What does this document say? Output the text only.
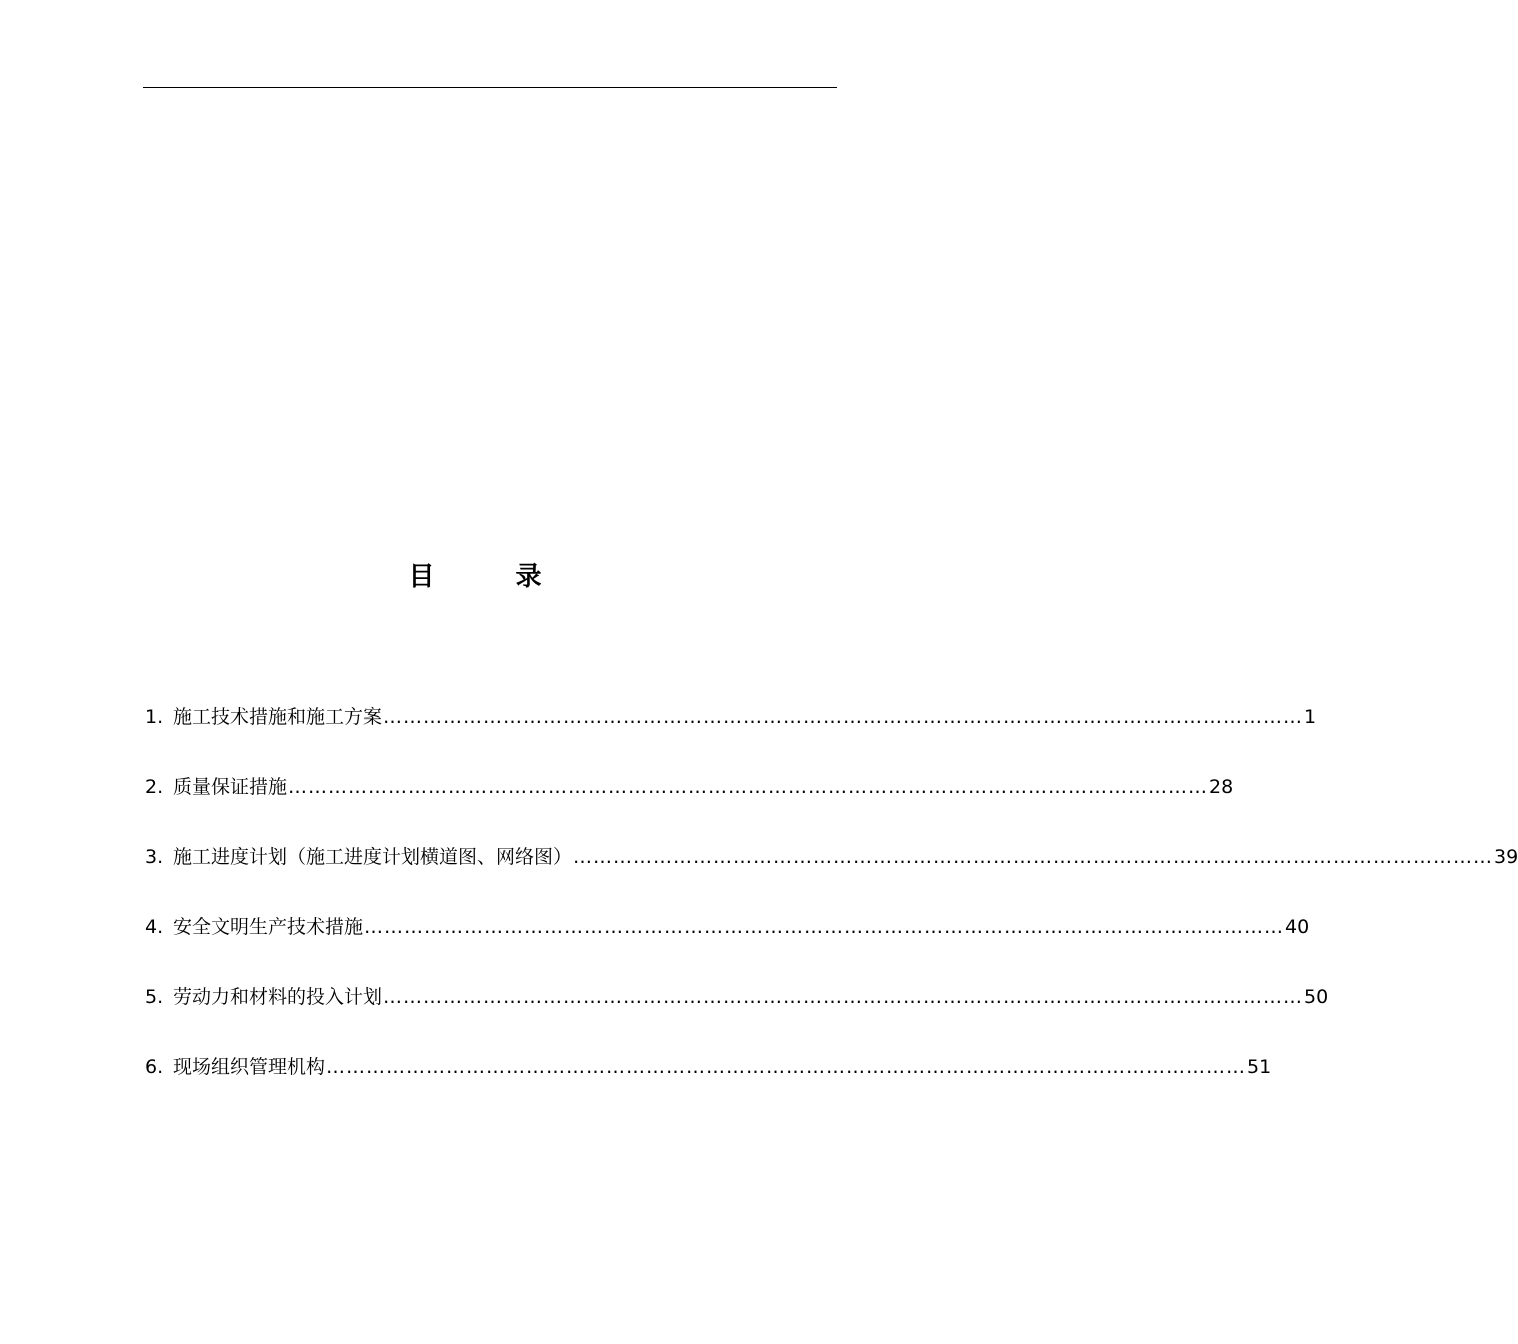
目 录
1. 施工技术措施和施工方案 ………………………………………………………………………………………………………………………… 1
2. 质量保证措施 ………………………………………………………………………………………………………………………… 28
3. 施工进度计划（施工进度计划横道图、网络图） ………………………………………………………………………………………………………………………… 39
4. 安全文明生产技术措施 ………………………………………………………………………………………………………………………… 40
5. 劳动力和材料的投入计划 ………………………………………………………………………………………………………………………… 50
6. 现场组织管理机构 ………………………………………………………………………………………………………………………… 51
